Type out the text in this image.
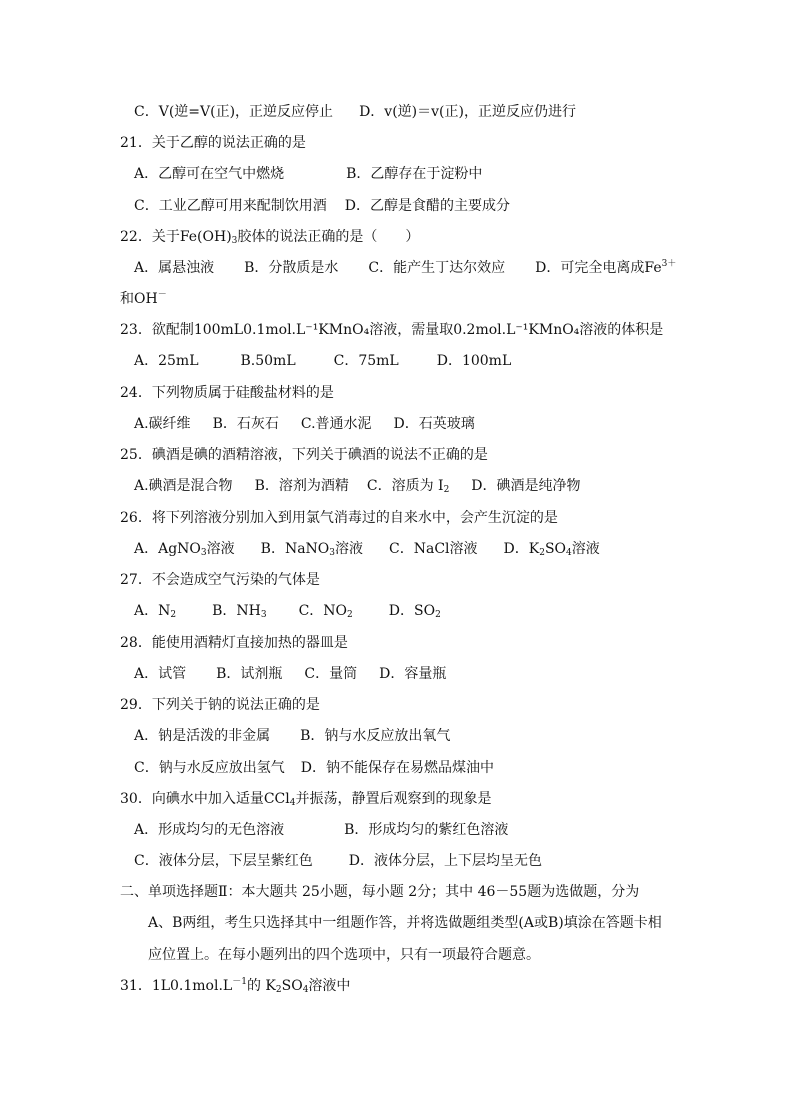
C．V(逆=V(正)，正逆反应停止 D．v(逆)＝v(正)，正逆反应仍进行
21．关于乙醇的说法正确的是
A．乙醇可在空气中燃烧	B．乙醇存在于淀粉中
C．工业乙醇可用来配制饮用酒 D．乙醇是食醋的主要成分
22．关于$Fe(OH)_3$胶体的说法正确的是（　　）
A．属悬浊液 B．分散质是水 C．能产生丁达尔效应 D．可完全电离成$Fe^{3+}$
和OH－
23．欲配制100mL0.1mol.L⁻¹KMnO₄溶液，需量取0.2mol.L⁻¹KMnO₄溶液的体积是
A．25mL	B.50mL	C．75mL	D．100mL
24．下列物质属于硅酸盐材料的是
A.碳纤维 B．石灰石 C.普通水泥 D．石英玻璃
25．碘酒是碘的酒精溶液，下列关于碘酒的说法不正确的是
A.碘酒是混合物 B．溶剂为酒精 C．溶质为 $I_2$ D．碘酒是纯净物
26．将下列溶液分别加入到用氯气消毒过的自来水中，会产生沉淀的是
A．AgNO$_3$溶液 B．NaNO$_3$溶液 C．NaCl溶液 D．$K_2SO_4$溶液
27．不会造成空气污染的气体是
A．$N_2$	B．$NH_3$ C．$NO_2$	D．$SO_2$
28．能使用酒精灯直接加热的器皿是
A．试管 B．试剂瓶 C．量筒 D．容量瓶
29．下列关于钠的说法正确的是
A．钠是活泼的非金属 B．钠与水反应放出氧气
C．钠与水反应放出氢气 D．钠不能保存在易燃品煤油中
30．向碘水中加入适量CCl$_4$并振荡，静置后观察到的现象是
A．形成均匀的无色溶液	B．形成均匀的紫红色溶液
C．液体分层，下层呈紫红色	D．液体分层，上下层均呈无色
二、单项选择题Ⅱ：本大题共 25小题，每小题 2分；其中 46－55题为选做题，分为
A、B两组，考生只选择其中一组题作答，并将选做题组类型(A或B)填涂在答题卡相
应位置上。在每小题列出的四个选项中，只有一项最符合题意。
31．$1L0.1mol.L^{-1}$的 $K_2SO_4$溶液中
